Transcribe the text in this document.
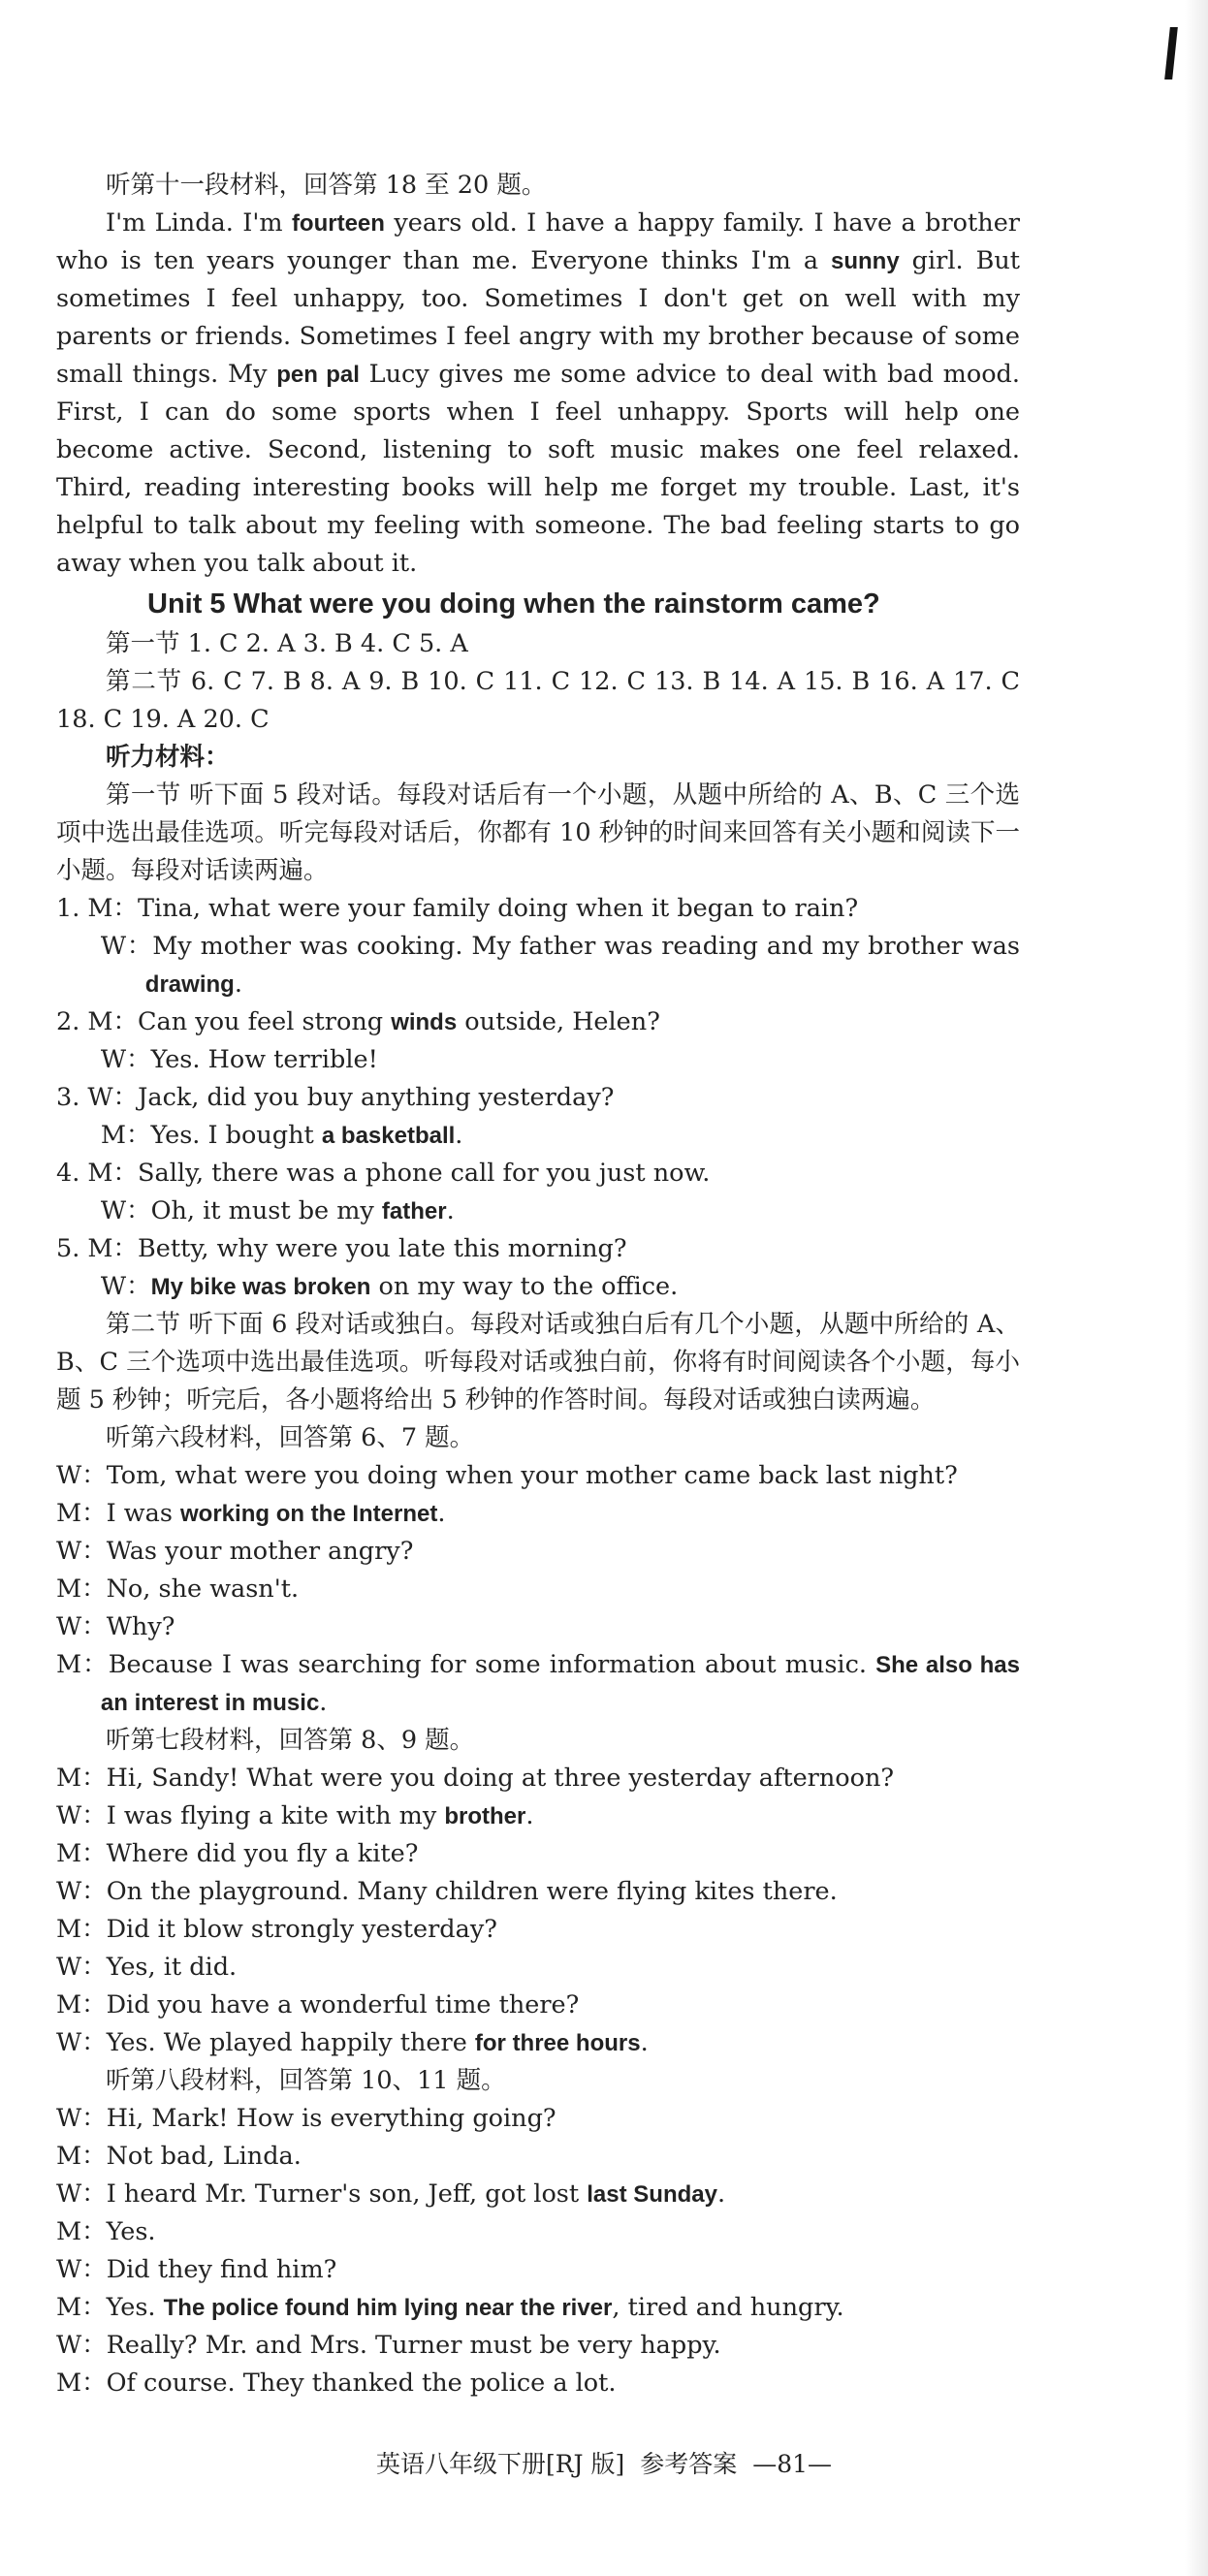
听第十一段材料，回答第 18 至 20 题。

I'm Linda. I'm fourteen years old. I have a happy family. I have a brother who is ten years younger than me. Everyone thinks I'm a sunny girl. But sometimes I feel unhappy, too. Sometimes I don't get on well with my parents or friends. Sometimes I feel angry with my brother because of some small things. My pen pal Lucy gives me some advice to deal with bad mood. First, I can do some sports when I feel unhappy. Sports will help one become active. Second, listening to soft music makes one feel relaxed. Third, reading interesting books will help me forget my trouble. Last, it's helpful to talk about my feeling with someone. The bad feeling starts to go away when you talk about it.

Unit 5 What were you doing when the rainstorm came?

第一节 1. C 2. A 3. B 4. C 5. A

第二节 6. C 7. B 8. A 9. B 10. C 11. C 12. C 13. B 14. A 15. B 16. A 17. C 18. C 19. A 20. C

听力材料：

第一节 听下面 5 段对话。每段对话后有一个小题，从题中所给的 A、B、C 三个选项中选出最佳选项。听完每段对话后，你都有 10 秒钟的时间来回答有关小题和阅读下一小题。每段对话读两遍。

1. M：Tina, what were your family doing when it began to rain?

W：My mother was cooking. My father was reading and my brother was drawing.

2. M：Can you feel strong winds outside, Helen?

W：Yes. How terrible!

3. W：Jack, did you buy anything yesterday?

M：Yes. I bought a basketball.

4. M：Sally, there was a phone call for you just now.

W：Oh, it must be my father.

5. M：Betty, why were you late this morning?

W：My bike was broken on my way to the office.

第二节 听下面 6 段对话或独白。每段对话或独白后有几个小题，从题中所给的 A、B、C 三个选项中选出最佳选项。听每段对话或独白前，你将有时间阅读各个小题，每小题 5 秒钟；听完后，各小题将给出 5 秒钟的作答时间。每段对话或独白读两遍。

听第六段材料，回答第 6、7 题。

W：Tom, what were you doing when your mother came back last night?

M：I was working on the Internet.

W：Was your mother angry?

M：No, she wasn't.

W：Why?

M：Because I was searching for some information about music. She also has an interest in music.

听第七段材料，回答第 8、9 题。

M：Hi, Sandy! What were you doing at three yesterday afternoon?

W：I was flying a kite with my brother.

M：Where did you fly a kite?

W：On the playground. Many children were flying kites there.

M：Did it blow strongly yesterday?

W：Yes, it did.

M：Did you have a wonderful time there?

W：Yes. We played happily there for three hours.

听第八段材料，回答第 10、11 题。

W：Hi, Mark! How is everything going?

M：Not bad, Linda.

W：I heard Mr. Turner's son, Jeff, got lost last Sunday.

M：Yes.

W：Did they find him?

M：Yes. The police found him lying near the river, tired and hungry.

W：Really? Mr. and Mrs. Turner must be very happy.

M：Of course. They thanked the police a lot.

英语八年级下册[RJ 版] 参考答案 —81—
